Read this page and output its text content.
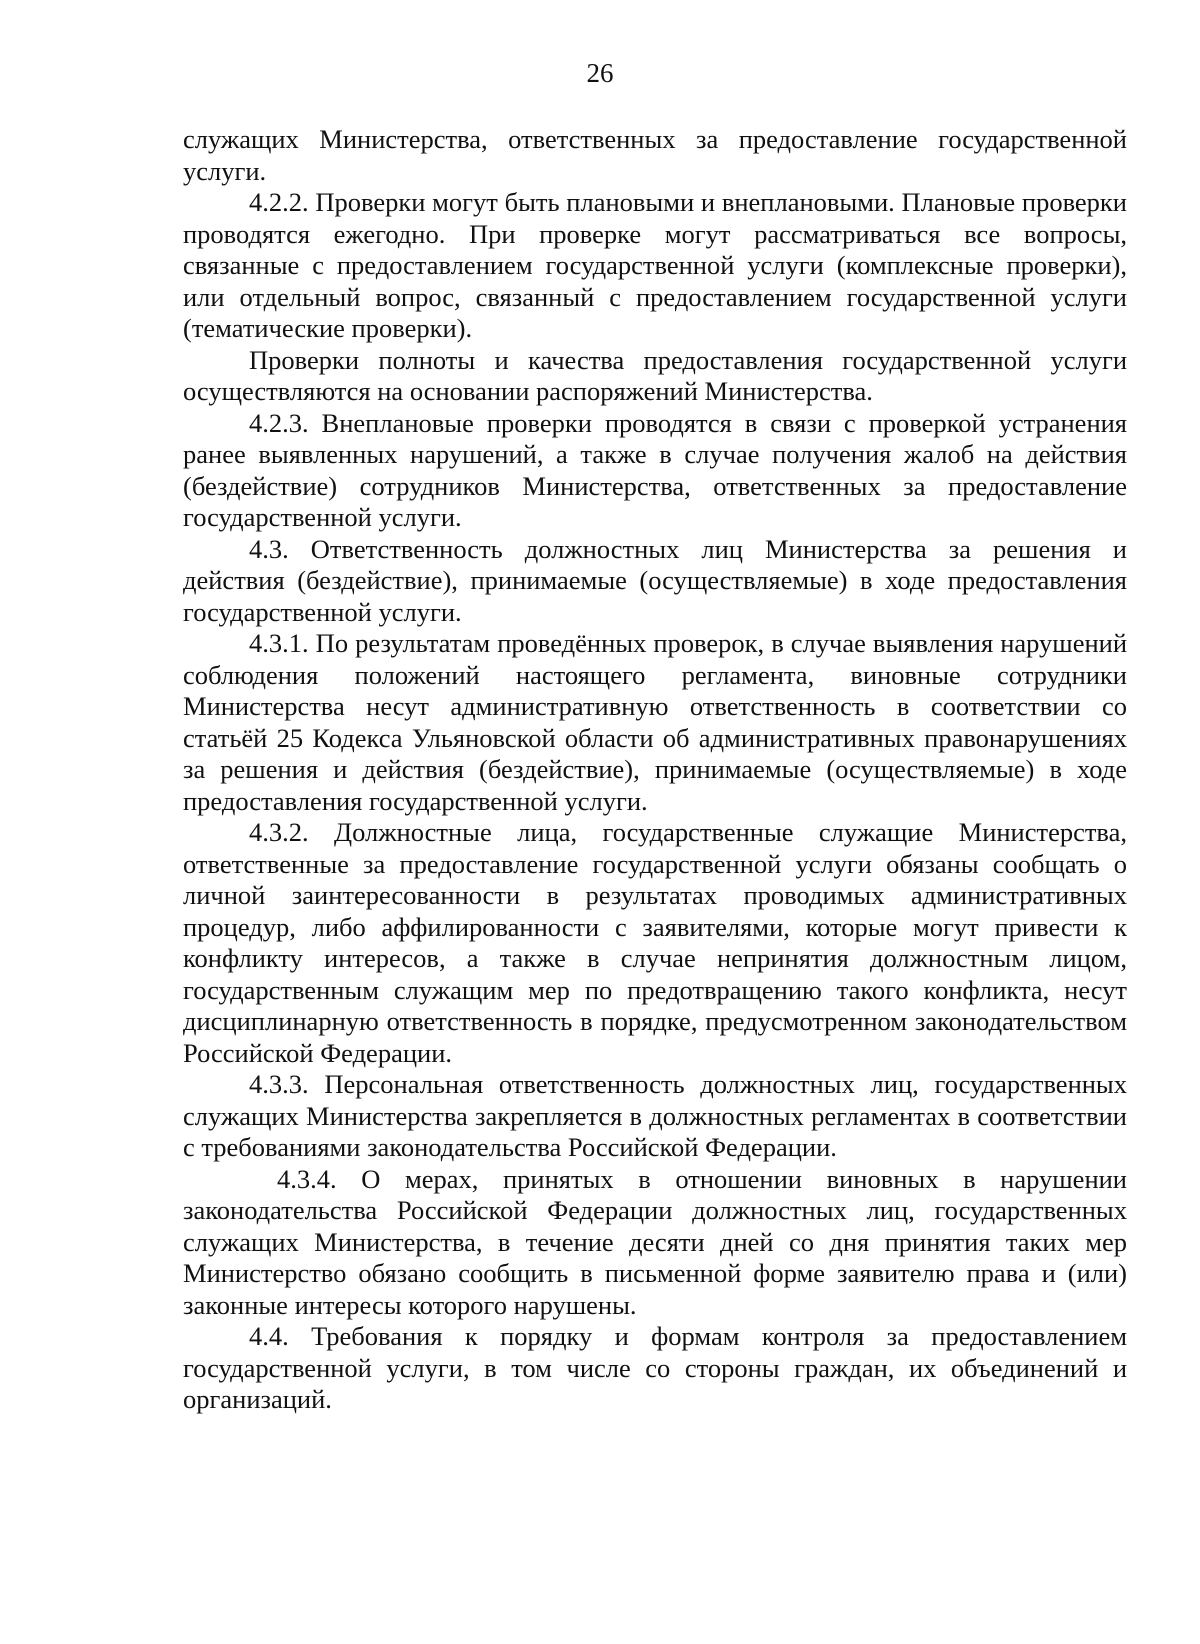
26

служащих Министерства, ответственных за предоставление государственной услуги.

4.2.2. Проверки могут быть плановыми и внеплановыми. Плановые проверки проводятся ежегодно. При проверке могут рассматриваться все вопросы, связанные с предоставлением государственной услуги (комплексные проверки), или отдельный вопрос, связанный с предоставлением государственной услуги (тематические проверки).

Проверки полноты и качества предоставления государственной услуги осуществляются на основании распоряжений Министерства.

4.2.3. Внеплановые проверки проводятся в связи с проверкой устранения ранее выявленных нарушений, а также в случае получения жалоб на действия (бездействие) сотрудников Министерства, ответственных за предоставление государственной услуги.

4.3. Ответственность должностных лиц Министерства за решения и действия (бездействие), принимаемые (осуществляемые) в ходе предоставления государственной услуги.

4.3.1. По результатам проведённых проверок, в случае выявления нарушений соблюдения положений настоящего регламента, виновные сотрудники Министерства несут административную ответственность в соответствии со статьёй 25 Кодекса Ульяновской области об административных правонарушениях за решения и действия (бездействие), принимаемые (осуществляемые) в ходе предоставления государственной услуги.

4.3.2. Должностные лица, государственные служащие Министерства, ответственные за предоставление государственной услуги обязаны сообщать о личной заинтересованности в результатах проводимых административных процедур, либо аффилированности с заявителями, которые могут привести к конфликту интересов, а также в случае непринятия должностным лицом, государственным служащим мер по предотвращению такого конфликта, несут дисциплинарную ответственность в порядке, предусмотренном законодательством Российской Федерации.

4.3.3. Персональная ответственность должностных лиц, государственных служащих Министерства закрепляется в должностных регламентах в соответствии с требованиями законодательства Российской Федерации.

4.3.4. О мерах, принятых в отношении виновных в нарушении законодательства Российской Федерации должностных лиц, государственных служащих Министерства, в течение десяти дней со дня принятия таких мер Министерство обязано сообщить в письменной форме заявителю права и (или) законные интересы которого нарушены.

4.4. Требования к порядку и формам контроля за предоставлением государственной услуги, в том числе со стороны граждан, их объединений и организаций.
